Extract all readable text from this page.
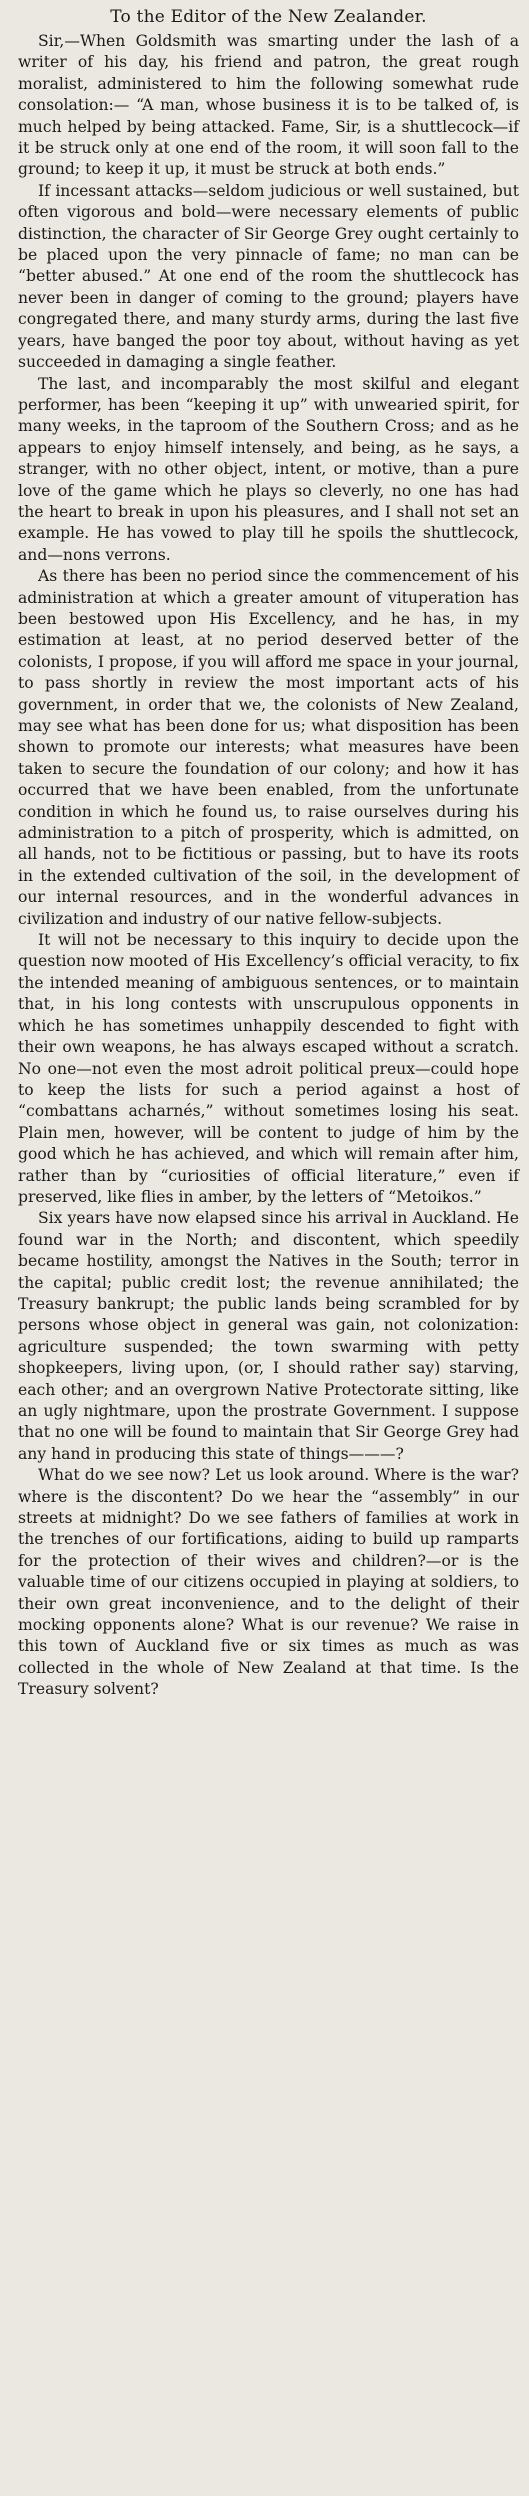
To the Editor of the New Zealander.

Sir,—When Goldsmith was smarting under the lash of a writer of his day, his friend and patron, the great rough moralist, administered to him the following somewhat rude consolation:— “A man, whose business it is to be talked of, is much helped by being attacked. Fame, Sir, is a shuttlecock—if it be struck only at one end of the room, it will soon fall to the ground; to keep it up, it must be struck at both ends.”

If incessant attacks—seldom judicious or well sustained, but often vigorous and bold—were necessary elements of public distinction, the character of Sir George Grey ought certainly to be placed upon the very pinnacle of fame; no man can be “better abused.” At one end of the room the shuttlecock has never been in danger of coming to the ground; players have congregated there, and many sturdy arms, during the last five years, have banged the poor toy about, without having as yet succeeded in damaging a single feather.

The last, and incomparably the most skilful and elegant performer, has been “keeping it up” with unwearied spirit, for many weeks, in the taproom of the Southern Cross; and as he appears to enjoy himself intensely, and being, as he says, a stranger, with no other object, intent, or motive, than a pure love of the game which he plays so cleverly, no one has had the heart to break in upon his pleasures, and I shall not set an example. He has vowed to play till he spoils the shuttlecock, and—nons verrons.

As there has been no period since the commencement of his administration at which a greater amount of vituperation has been bestowed upon His Excellency, and he has, in my estimation at least, at no period deserved better of the colonists, I propose, if you will afford me space in your journal, to pass shortly in review the most important acts of his government, in order that we, the colonists of New Zealand, may see what has been done for us; what disposition has been shown to promote our interests; what measures have been taken to secure the foundation of our colony; and how it has occurred that we have been enabled, from the unfortunate condition in which he found us, to raise ourselves during his administration to a pitch of prosperity, which is admitted, on all hands, not to be fictitious or passing, but to have its roots in the extended cultivation of the soil, in the development of our internal resources, and in the wonderful advances in civilization and industry of our native fellow-subjects.

It will not be necessary to this inquiry to decide upon the question now mooted of His Excellency’s official veracity, to fix the intended meaning of ambiguous sentences, or to maintain that, in his long contests with unscrupulous opponents in which he has sometimes unhappily descended to fight with their own weapons, he has always escaped without a scratch. No one—not even the most adroit political preux—could hope to keep the lists for such a period against a host of “combattans acharnés,” without sometimes losing his seat. Plain men, however, will be content to judge of him by the good which he has achieved, and which will remain after him, rather than by “curiosities of official literature,” even if preserved, like flies in amber, by the letters of “Metoikos.”

Six years have now elapsed since his arrival in Auckland. He found war in the North; and discontent, which speedily became hostility, amongst the Natives in the South; terror in the capital; public credit lost; the revenue annihilated; the Treasury bankrupt; the public lands being scrambled for by persons whose object in general was gain, not colonization: agriculture suspended; the town swarming with petty shopkeepers, living upon, (or, I should rather say) starving, each other; and an overgrown Native Protectorate sitting, like an ugly nightmare, upon the prostrate Government. I suppose that no one will be found to maintain that Sir George Grey had any hand in producing this state of things———?

What do we see now? Let us look around. Where is the war? where is the discontent? Do we hear the “assembly” in our streets at midnight? Do we see fathers of families at work in the trenches of our fortifications, aiding to build up ramparts for the protection of their wives and children?—or is the valuable time of our citizens occupied in playing at soldiers, to their own great inconvenience, and to the delight of their mocking opponents alone? What is our revenue? We raise in this town of Auckland five or six times as much as was collected in the whole of New Zealand at that time. Is the Treasury solvent?
